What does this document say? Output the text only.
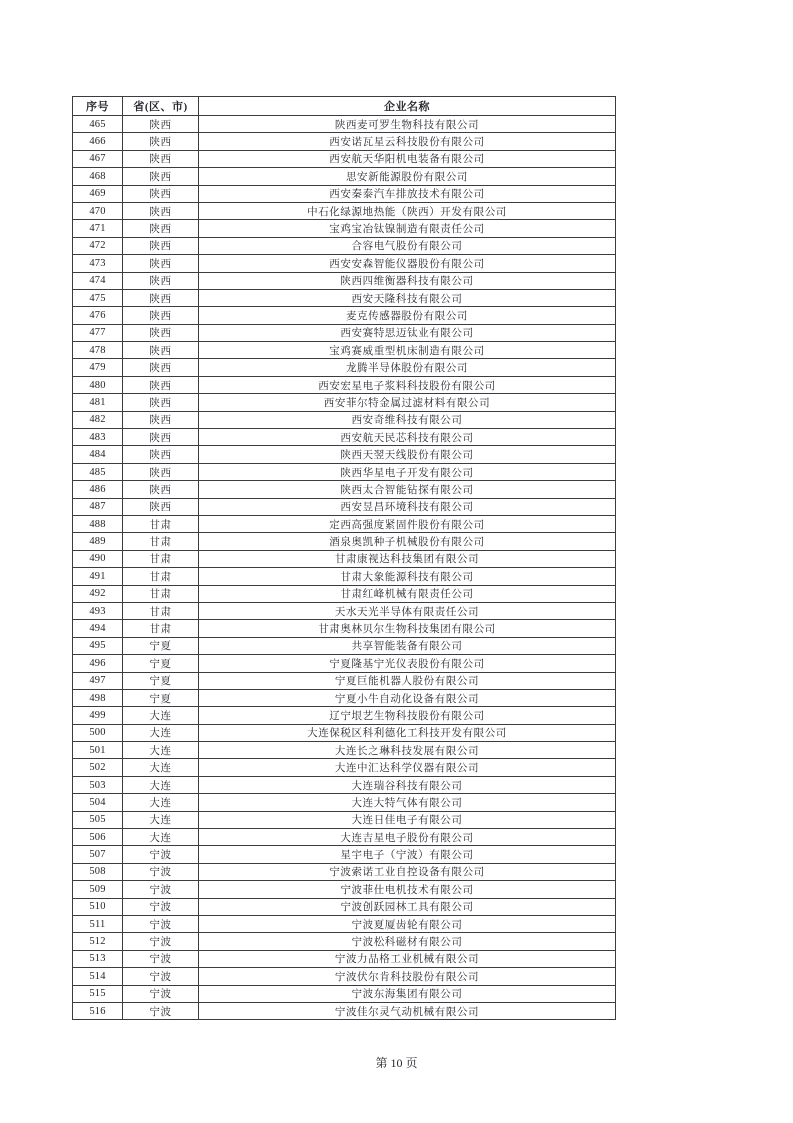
序号	省(区、市)	企业名称
465	陕西	陕西麦可罗生物科技有限公司
466	陕西	西安诺瓦星云科技股份有限公司
467	陕西	西安航天华阳机电装备有限公司
468	陕西	思安新能源股份有限公司
469	陕西	西安秦泰汽车排放技术有限公司
470	陕西	中石化绿源地热能（陕西）开发有限公司
471	陕西	宝鸡宝冶钛镍制造有限责任公司
472	陕西	合容电气股份有限公司
473	陕西	西安安森智能仪器股份有限公司
474	陕西	陕西四维衡器科技有限公司
475	陕西	西安天隆科技有限公司
476	陕西	麦克传感器股份有限公司
477	陕西	西安赛特思迈钛业有限公司
478	陕西	宝鸡赛威重型机床制造有限公司
479	陕西	龙腾半导体股份有限公司
480	陕西	西安宏星电子浆料科技股份有限公司
481	陕西	西安菲尔特金属过滤材料有限公司
482	陕西	西安奇维科技有限公司
483	陕西	西安航天民芯科技有限公司
484	陕西	陕西天翌天线股份有限公司
485	陕西	陕西华星电子开发有限公司
486	陕西	陕西太合智能钻探有限公司
487	陕西	西安昱昌环境科技有限公司
488	甘肃	定西高强度紧固件股份有限公司
489	甘肃	酒泉奥凯种子机械股份有限公司
490	甘肃	甘肃康视达科技集团有限公司
491	甘肃	甘肃大象能源科技有限公司
492	甘肃	甘肃红峰机械有限责任公司
493	甘肃	天水天光半导体有限责任公司
494	甘肃	甘肃奥林贝尔生物科技集团有限公司
495	宁夏	共享智能装备有限公司
496	宁夏	宁夏隆基宁光仪表股份有限公司
497	宁夏	宁夏巨能机器人股份有限公司
498	宁夏	宁夏小牛自动化设备有限公司
499	大连	辽宁垠艺生物科技股份有限公司
500	大连	大连保税区科利德化工科技开发有限公司
501	大连	大连长之琳科技发展有限公司
502	大连	大连中汇达科学仪器有限公司
503	大连	大连瑞谷科技有限公司
504	大连	大连大特气体有限公司
505	大连	大连日佳电子有限公司
506	大连	大连吉星电子股份有限公司
507	宁波	星宇电子（宁波）有限公司
508	宁波	宁波索诺工业自控设备有限公司
509	宁波	宁波菲仕电机技术有限公司
510	宁波	宁波创跃园林工具有限公司
511	宁波	宁波夏厦齿轮有限公司
512	宁波	宁波松科磁材有限公司
513	宁波	宁波力品格工业机械有限公司
514	宁波	宁波伏尔肯科技股份有限公司
515	宁波	宁波东海集团有限公司
516	宁波	宁波佳尔灵气动机械有限公司
第 10 页
